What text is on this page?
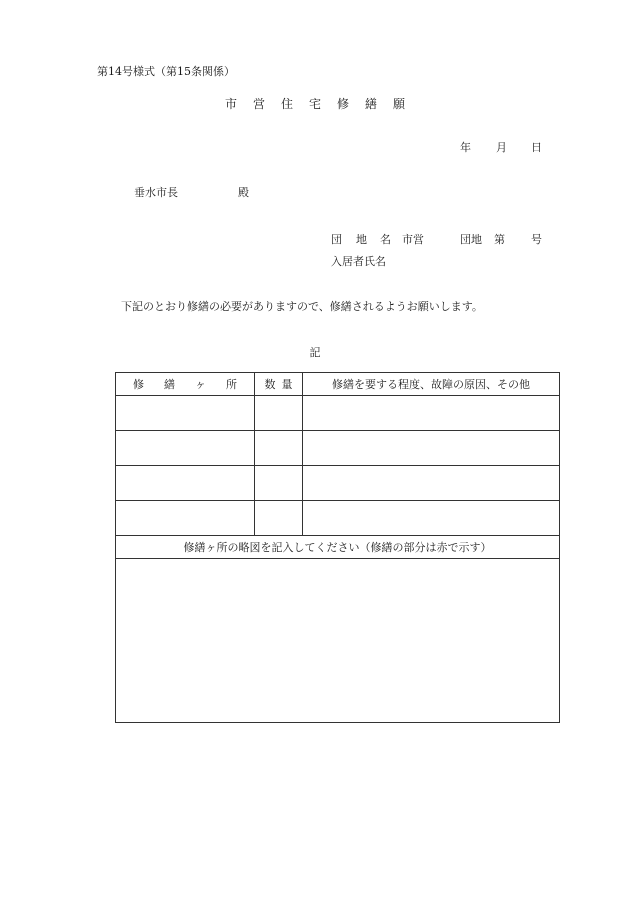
第14号様式（第15条関係）
市 営 住 宅 修 繕 願
年 月 日
垂水市長	殿
団 地 名 市営	団地 第 号
入居者氏名
下記のとおり修繕の必要がありますので、修繕されるようお願いします。
記
修 繕 ヶ 所	数 量	修繕を要する程度、故障の原因、その他

修繕ヶ所の略図を記入してください（修繕の部分は赤で示す）		
